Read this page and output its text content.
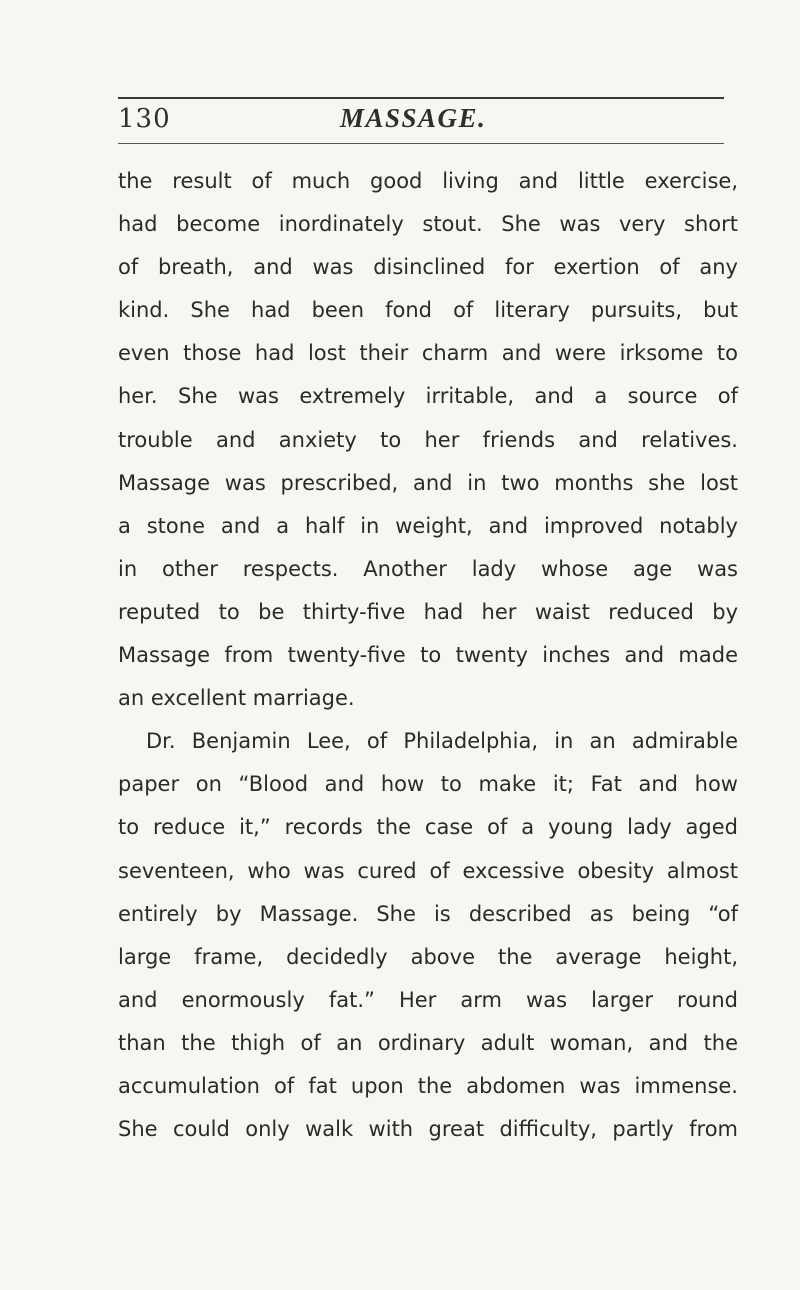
130	MASSAGE.
the result of much good living and little exercise,
had become inordinately stout. She was very short
of breath, and was disinclined for exertion of any
kind. She had been fond of literary pursuits, but
even those had lost their charm and were irksome to
her. She was extremely irritable, and a source of
trouble and anxiety to her friends and relatives.
Massage was prescribed, and in two months she lost
a stone and a half in weight, and improved notably
in other respects. Another lady whose age was
reputed to be thirty-five had her waist reduced by
Massage from twenty-five to twenty inches and made
an excellent marriage.
Dr. Benjamin Lee, of Philadelphia, in an admirable
paper on “Blood and how to make it; Fat and how
to reduce it,” records the case of a young lady aged
seventeen, who was cured of excessive obesity almost
entirely by Massage. She is described as being “of
large frame, decidedly above the average height,
and enormously fat.” Her arm was larger round
than the thigh of an ordinary adult woman, and the
accumulation of fat upon the abdomen was immense.
She could only walk with great difficulty, partly from
